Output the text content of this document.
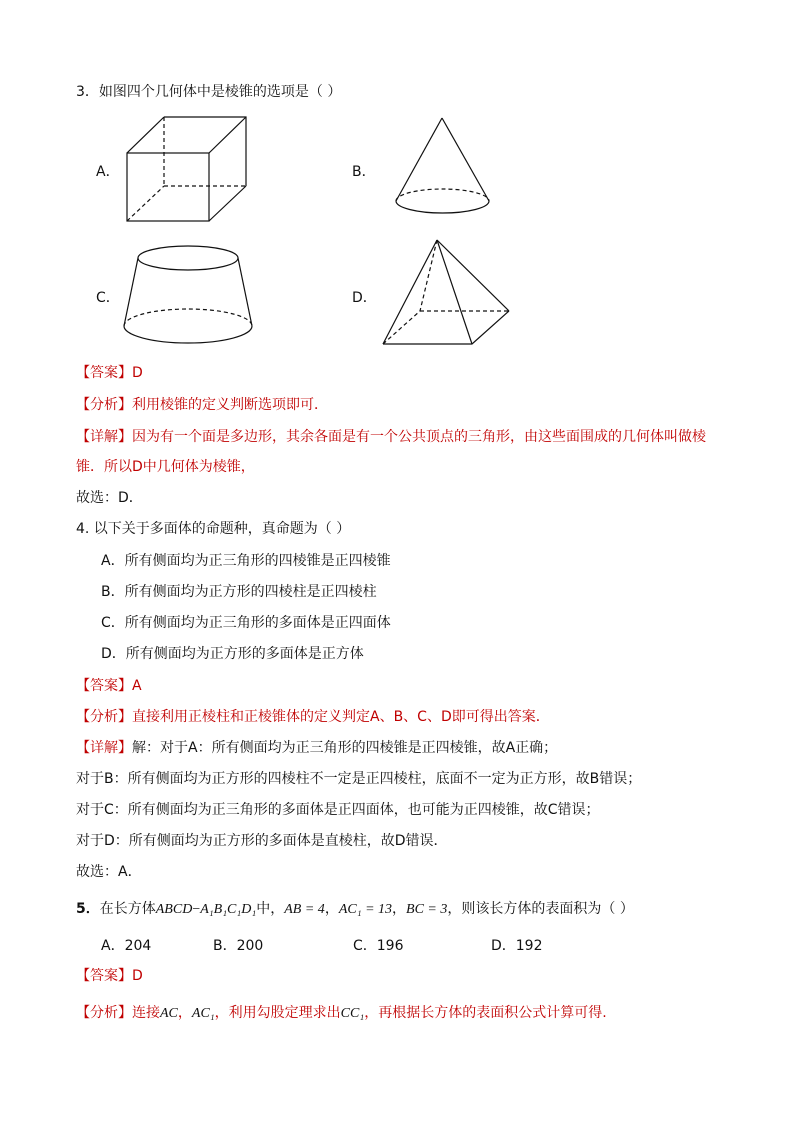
3．如图四个几何体中是棱锥的选项是（ ）
A．	B．
C．	D．
【答案】D
【分析】利用棱锥的定义判断选项即可．
【详解】因为有一个面是多边形，其余各面是有一个公共顶点的三角形，由这些面围成的几何体叫做棱
锥．所以D中几何体为棱锥，
故选：D．
4. 以下关于多面体的命题种，真命题为（ ）
A．所有侧面均为正三角形的四棱锥是正四棱锥
B．所有侧面均为正方形的四棱柱是正四棱柱
C．所有侧面均为正三角形的多面体是正四面体
D．所有侧面均为正方形的多面体是正方体
【答案】A
【分析】直接利用正棱柱和正棱锥体的定义判定A、B、C、D即可得出答案．
【详解】解：对于A：所有侧面均为正三角形的四棱锥是正四棱锥，故A正确；
对于B：所有侧面均为正方形的四棱柱不一定是正四棱柱，底面不一定为正方形，故B错误；
对于C：所有侧面均为正三角形的多面体是正四面体，也可能为正四棱锥，故C错误；
对于D：所有侧面均为正方形的多面体是直棱柱，故D错误．
故选：A．
5．在长方体ABCD−A₁B₁C₁D₁中，AB = 4，AC₁ = 13，BC = 3，则该长方体的表面积为（ ）
A．204	B．200	C．196	D．192
【答案】D
【分析】连接AC，AC₁，利用勾股定理求出CC₁，再根据长方体的表面积公式计算可得.
